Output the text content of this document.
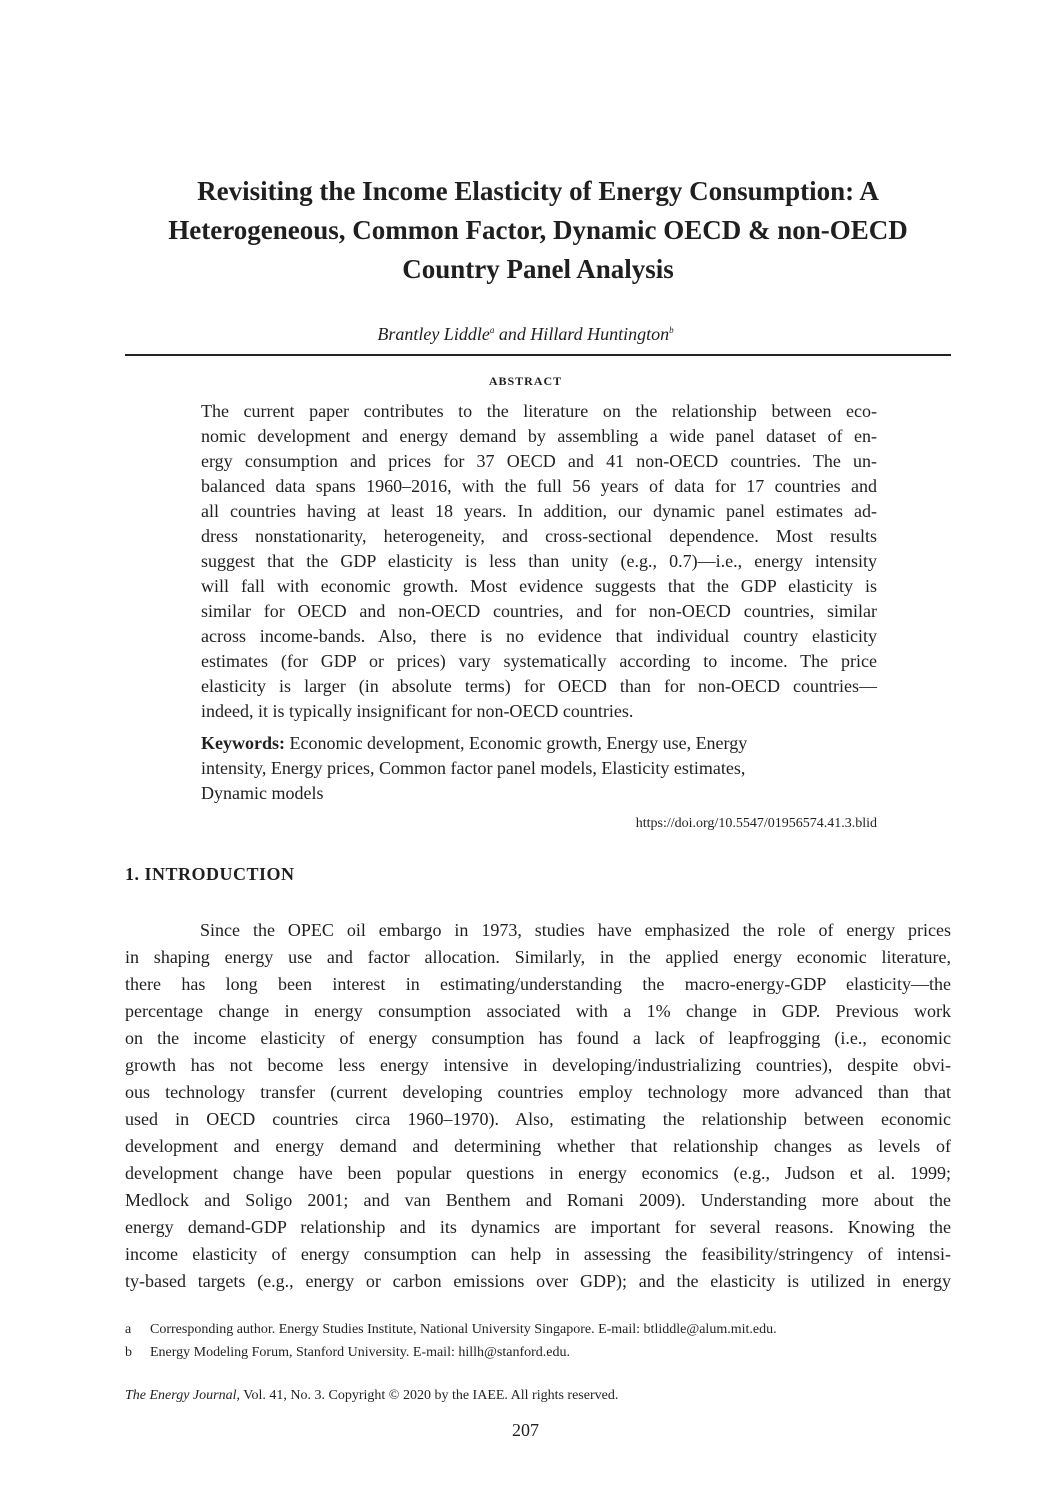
Revisiting the Income Elasticity of Energy Consumption: A
Heterogeneous, Common Factor, Dynamic OECD & non-OECD
Country Panel Analysis
Brantley Liddle$^a$ and Hillard Huntington$^b$
ABSTRACT

The current paper contributes to the literature on the relationship between eco-
nomic development and energy demand by assembling a wide panel dataset of en-
ergy consumption and prices for 37 OECD and 41 non-OECD countries. The un-
balanced data spans 1960–2016, with the full 56 years of data for 17 countries and
all countries having at least 18 years. In addition, our dynamic panel estimates ad-
dress nonstationarity, heterogeneity, and cross-sectional dependence. Most results
suggest that the GDP elasticity is less than unity (e.g., 0.7)—i.e., energy intensity
will fall with economic growth. Most evidence suggests that the GDP elasticity is
similar for OECD and non-OECD countries, and for non-OECD countries, similar
across income-bands. Also, there is no evidence that individual country elasticity
estimates (for GDP or prices) vary systematically according to income. The price
elasticity is larger (in absolute terms) for OECD than for non-OECD countries—
indeed, it is typically insignificant for non-OECD countries.

Keywords: Economic development, Economic growth, Energy use, Energy
intensity, Energy prices, Common factor panel models, Elasticity estimates,
Dynamic models

https://doi.org/10.5547/01956574.41.3.blid
1. INTRODUCTION

Since the OPEC oil embargo in 1973, studies have emphasized the role of energy prices
in shaping energy use and factor allocation. Similarly, in the applied energy economic literature,
there has long been interest in estimating/understanding the macro-energy-GDP elasticity—the
percentage change in energy consumption associated with a 1% change in GDP. Previous work
on the income elasticity of energy consumption has found a lack of leapfrogging (i.e., economic
growth has not become less energy intensive in developing/industrializing countries), despite obvi-
ous technology transfer (current developing countries employ technology more advanced than that
used in OECD countries circa 1960–1970). Also, estimating the relationship between economic
development and energy demand and determining whether that relationship changes as levels of
development change have been popular questions in energy economics (e.g., Judson et al. 1999;
Medlock and Soligo 2001; and van Benthem and Romani 2009). Understanding more about the
energy demand-GDP relationship and its dynamics are important for several reasons. Knowing the
income elasticity of energy consumption can help in assessing the feasibility/stringency of intensi-
ty-based targets (e.g., energy or carbon emissions over GDP); and the elasticity is utilized in energy

a	Corresponding author. Energy Studies Institute, National University Singapore. E-mail: btliddle@alum.mit.edu.
b	Energy Modeling Forum, Stanford University. E-mail: hillh@stanford.edu.
The Energy Journal, Vol. 41, No. 3. Copyright © 2020 by the IAEE. All rights reserved.
207
